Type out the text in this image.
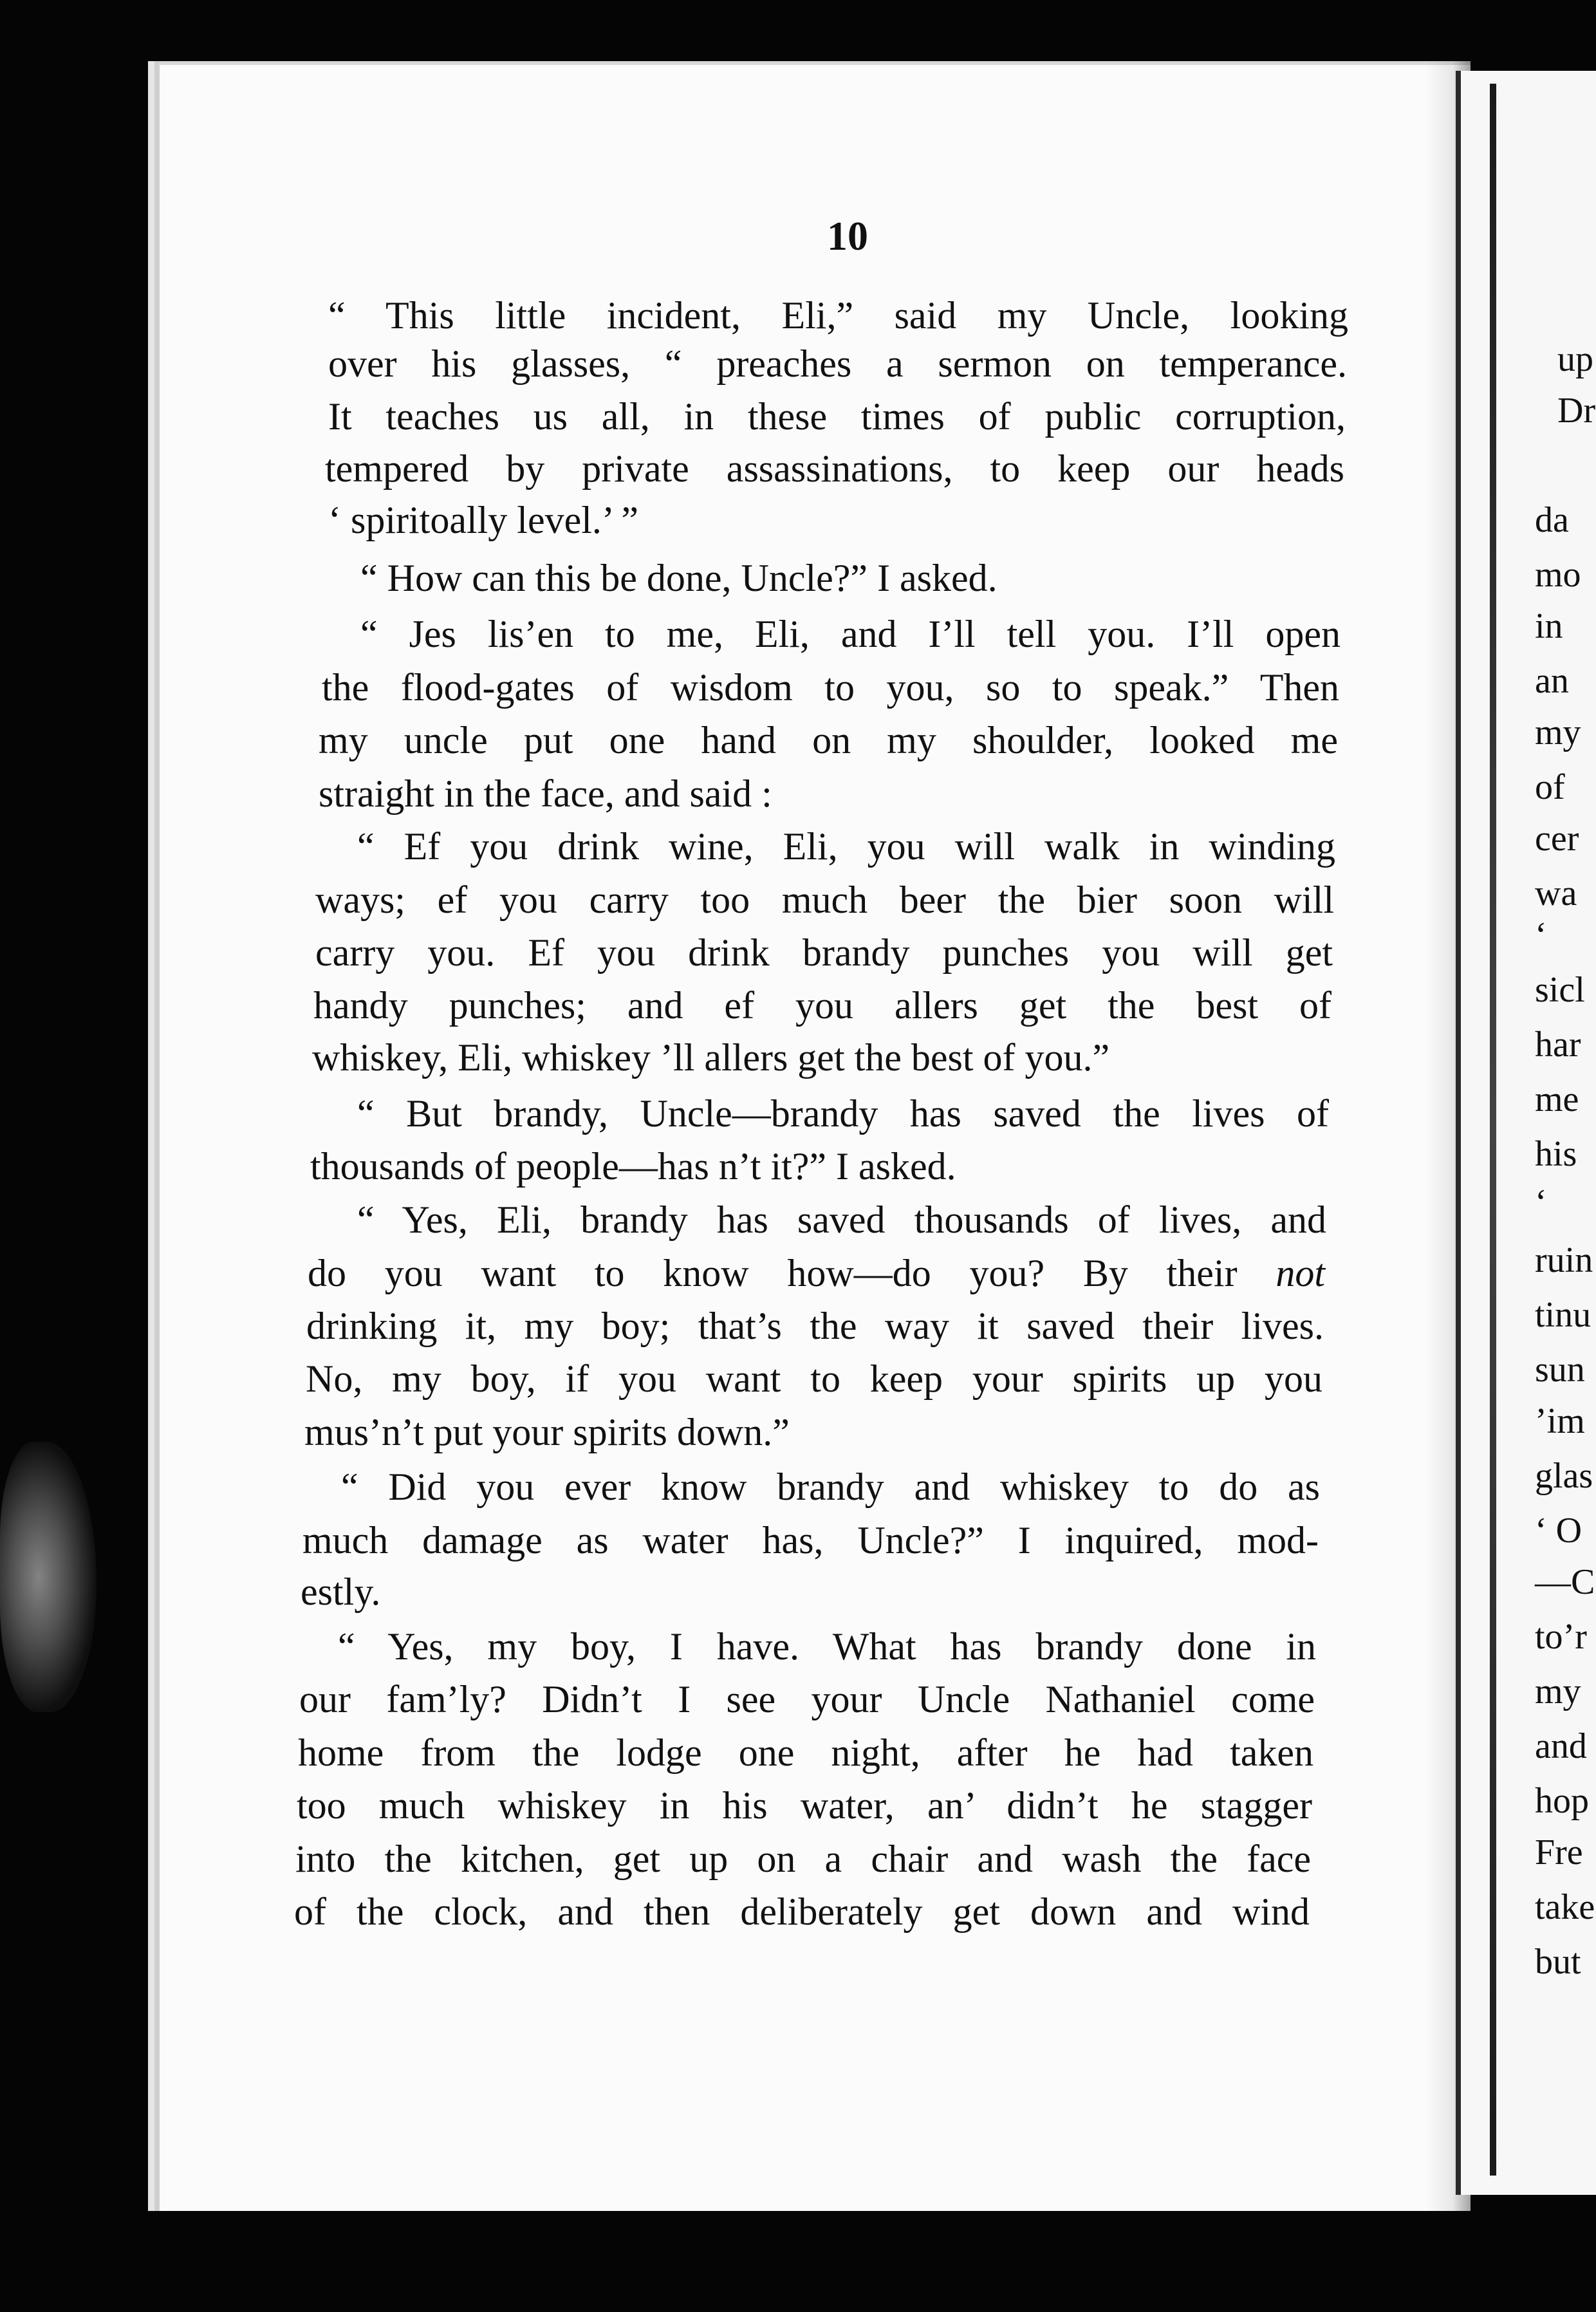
10
“ This little incident, Eli,” said my Uncle, looking
over his glasses, “ preaches a sermon on temperance.
It teaches us all, in these times of public corruption,
tempered by private assassinations, to keep our heads
‘ spiritoally level.’ ”
“ How can this be done, Uncle?” I asked.
“ Jes lis’en to me, Eli, and I’ll tell you. I’ll open
the flood-gates of wisdom to you, so to speak.” Then
my uncle put one hand on my shoulder, looked me
straight in the face, and said :
“ Ef you drink wine, Eli, you will walk in winding
ways; ef you carry too much beer the bier soon will
carry you. Ef you drink brandy punches you will get
handy punches; and ef you allers get the best of
whiskey, Eli, whiskey ’ll allers get the best of you.”
“ But brandy, Uncle—brandy has saved the lives of
thousands of people—has n’t it?” I asked.
“ Yes, Eli, brandy has saved thousands of lives, and
do you want to know how—do you? By their not
drinking it, my boy; that’s the way it saved their lives.
No, my boy, if you want to keep your spirits up you
mus’n’t put your spirits down.”
“ Did you ever know brandy and whiskey to do as
much damage as water has, Uncle?” I inquired, mod-
estly.
“ Yes, my boy, I have. What has brandy done in
our fam’ly? Didn’t I see your Uncle Nathaniel come
home from the lodge one night, after he had taken
too much whiskey in his water, an’ didn’t he stagger
into the kitchen, get up on a chair and wash the face
of the clock, and then deliberately get down and wind
up
Dr
da
mo
in
an
my
of
cer
wa
‘
sicl
har
me
his
‘
ruin
tinu
sun
’im
glas
‘ O
—C
to’r
my
and
hop
Fre
take
but
